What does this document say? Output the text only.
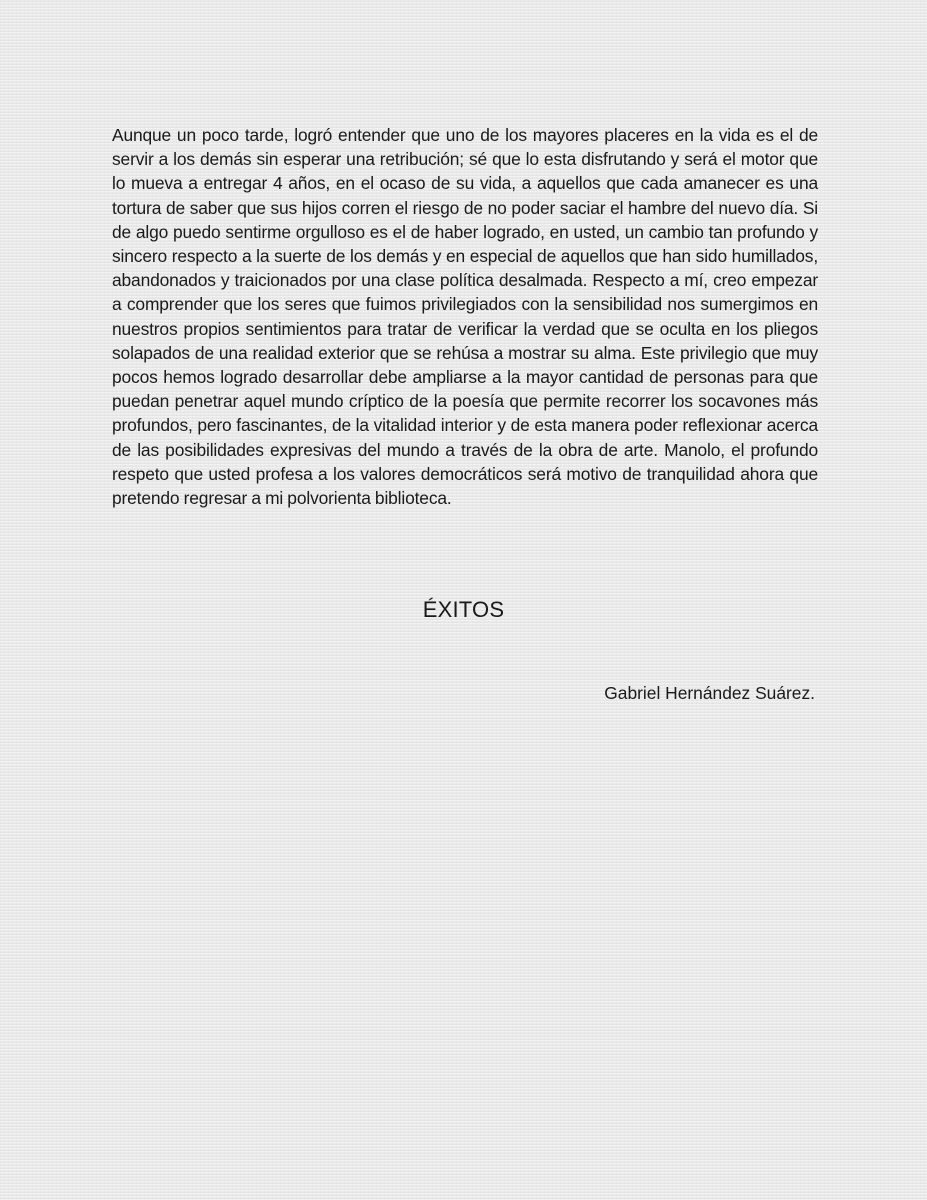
Aunque un poco tarde, logró entender que uno de los mayores placeres en la vida es el de servir a los demás sin esperar una retribución; sé que lo esta disfrutando y será el motor que lo mueva a entregar 4 años, en el ocaso de su vida, a aquellos que cada amanecer es una tortura de saber que sus hijos corren el riesgo de no poder saciar el hambre del nuevo día. Si de algo puedo sentirme orgulloso es el de haber logrado, en usted, un cambio tan profundo y sincero respecto a la suerte de los demás y en especial de aquellos que han sido humillados, abandonados y traicionados por una clase política desalmada. Respecto a mí, creo empezar a comprender que los seres que fuimos privilegiados con la sensibilidad nos sumergimos en nuestros propios sentimientos para tratar de verificar la verdad que se oculta en los pliegos solapados de una realidad exterior que se rehúsa a mostrar su alma. Este privilegio que muy pocos hemos logrado desarrollar debe ampliarse a la mayor cantidad de personas para que puedan penetrar aquel mundo críptico de la poesía que permite recorrer los socavones más profundos, pero fascinantes, de la vitalidad interior y de esta manera poder reflexionar acerca de las posibilidades expresivas del mundo a través de la obra de arte. Manolo, el profundo respeto que usted profesa a los valores democráticos será motivo de tranquilidad ahora que pretendo regresar a mi polvorienta biblioteca.

ÉXITOS

Gabriel Hernández Suárez.
